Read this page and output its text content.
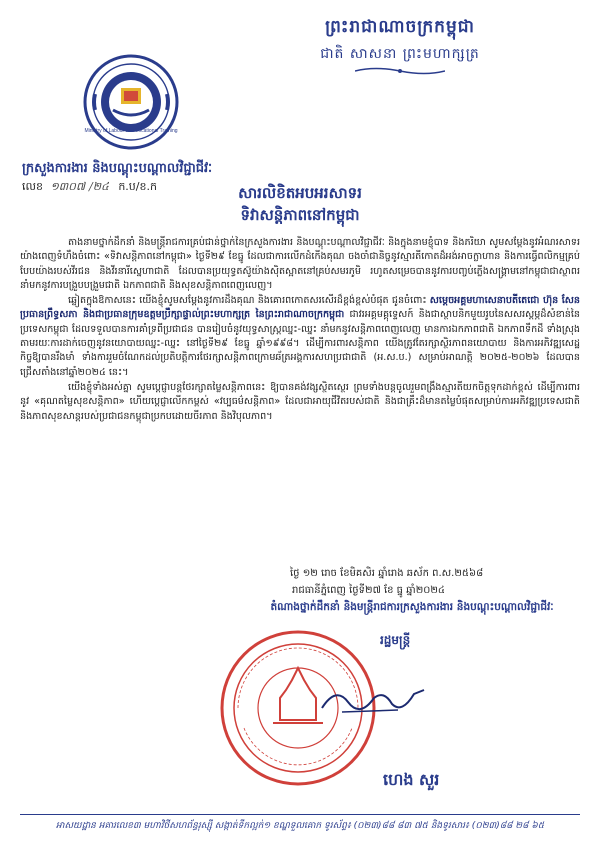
Ministry of Labour and Vocational Training
ព្រះរាជាណាចក្រកម្ពុជា
ជាតិ សាសនា ព្រះមហាក្សត្រ
ក្រសួងការងារ និងបណ្តុះបណ្តាលវិជ្ជាជីវៈ
លេខ ១៣០៧ /២៤ ក.ប/ខ.ក	សារលិខិតអបអរសាទរ
ទិវាសន្តិភាពនៅកម្ពុជា

តាងនាមថ្នាក់ដឹកនាំ និងមន្ត្រីរាជការគ្រប់ជាន់ថ្នាក់នៃក្រសួងការងារ និងបណ្តុះបណ្តាលវិជ្ជាជីវៈ និងក្នុងនាមខ្ញុំបាទ និងភរិយា សូមសម្តែងនូវអំណរសាទរយ៉ាងពេញទំហឹងចំពោះ «ទិវាសន្តិភាពនៅកម្ពុជា» ថ្ងៃទី២៩ ខែធ្នូ ដែលជាការលើកដំកើងគុណ ចងចាំជានិច្ចនូវស្មារតីកោតដ៏អង់អាចក្លាហាន និងការធ្វើពលិកម្មគ្រប់បែបយ៉ាងរបស់វីរជន និងវីរនារីស្នេហាជាតិ ដែលបានប្រយុទ្ធតស៊ូយ៉ាងស៊ិតស្អាតនៅគ្រប់សមរភូមិ រហូតសម្រេចបាននូវការបញ្ចប់ភ្លើងសង្គ្រាមនៅកម្ពុជាជាស្ថាពរ នាំមកនូវការបង្រួបបង្រួមជាតិ ឯកភាពជាតិ និងសុខសន្តិភាពពេញលេញ។

ឆ្លៀតក្នុងឱកាសនេះ យើងខ្ញុំសូមសម្តែងនូវការដឹងគុណ និងគោរពកោតសរសើរដ៏ខ្ពង់ខ្ពស់បំផុត ជូនចំពោះ សម្តេចអគ្គមហាសេនាបតីតេជោ ហ៊ុន សែន ប្រធានព្រឹទ្ធសភា និងជាប្រធានក្រុមឧត្តមប្រឹក្សាផ្ទាល់ព្រះមហាក្សត្រ នៃព្រះរាជាណាចក្រកម្ពុជា ជាវរអគ្គមគ្គុទ្ទេសក៍ និងជាស្ថាបនិកមួយរូបនៃសសរស្តម្ភដ៏សំខាន់នៃប្រទេសកម្ពុជា ដែលទទួលបានការគាំទ្រពីប្រជាជន បានរៀបចំនូវយុទ្ធសាស្ត្រឈ្នះ-ឈ្នះ នាំមកនូវសន្តិភាពពេញលេញ មានការឯកភាពជាតិ ឯកភាពទឹកដី ទាំងស្រុង តាមរយៈការដាក់ចេញនូវនយោបាយឈ្នះ-ឈ្នះ នៅថ្ងៃទី២៩ ខែធ្នូ ឆ្នាំ១៩៩៨។ ដើម្បីការពារសន្តិភាព យើងត្រូវតែរក្សាស្ថិរភាពនយោបាយ និងការអភិវឌ្ឍសេដ្ឋកិច្ចឱ្យបានរឹងមាំ ទាំងការរួមចំណែកដល់ប្រតិបត្តិការថែរក្សាសន្តិភាពក្រោមឆ័ត្រអង្គការសហប្រជាជាតិ (អ.ស.ប.) សម្រាប់អាណត្តិ ២០២៥-២០២៦ ដែលបានជ្រើសតាំងនៅឆ្នាំ២០២៤ នេះ។

យើងខ្ញុំទាំងអស់គ្នា សូមប្តេជ្ញាបន្តថែរក្សាតម្លៃសន្តិភាពនេះ ឱ្យបានគង់វង្សស្ថិតស្ថេរ ព្រមទាំងបន្តចូលរួមពង្រឹងស្មារតីយកចិត្តទុកដាក់ខ្ពស់ ដើម្បីការពារនូវ «គុណតម្លៃសុខសន្តិភាព» ហើយប្តេជ្ញាលើកកម្ពស់ «វប្បធម៌សន្តិភាព» ដែលជាអាយុជីវិតរបស់ជាតិ និងជាគ្រឹះដ៏មានតម្លៃបំផុតសម្រាប់ការអភិវឌ្ឍប្រទេសជាតិ និងភាពសុខសាន្តរបស់ប្រជាជនកម្ពុជាប្រកបដោយចីរភាព និងវិបុលភាព។

ថ្ងៃ ១២ រោច ខែមិគសិរ ឆ្នាំរោង ឆស័ក ព.ស.២៥៦៨
រាជធានីភ្នំពេញ ថ្ងៃទី២៧ ខែ ធ្នូ ឆ្នាំ២០២៤
តំណាងថ្នាក់ដឹកនាំ និងមន្ត្រីរាជការក្រសួងការងារ និងបណ្តុះបណ្តាលវិជ្ជាជីវៈ
រដ្ឋមន្ត្រី
ហេង សួរ
អាសយដ្ឋាន អគារលេខ៣ មហាវិថីសហព័ន្ធរុស្ស៊ី សង្កាត់ទឹកល្អក់១ ខណ្ឌទួលគោក ទូរស័ព្ទ៖ (០២៣)៨៨ ៨៣ ៧៥ និងទូរសារ៖ (០២៣)៨៨ ២៨ ៦៥
